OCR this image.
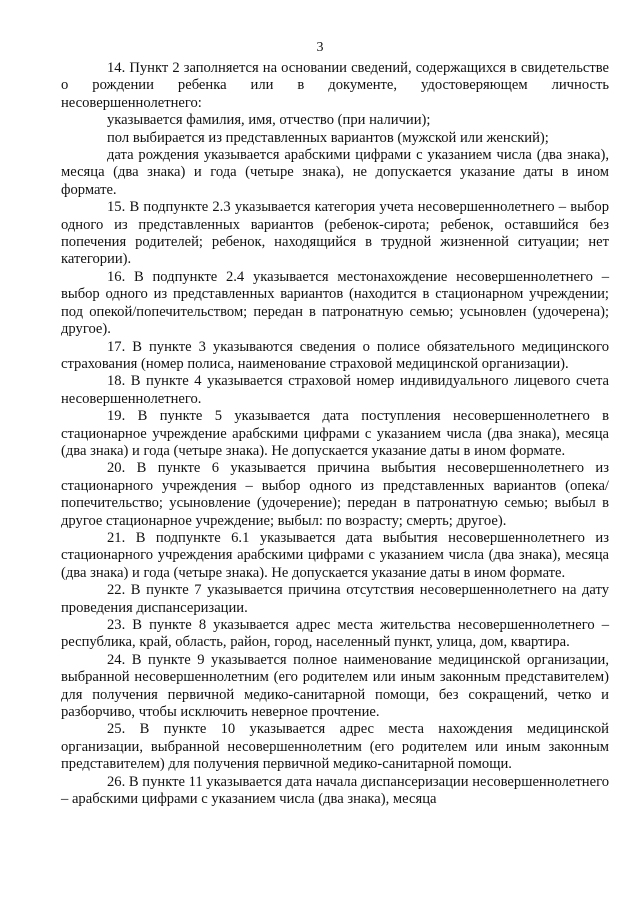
3

14. Пункт 2 заполняется на основании сведений, содержащихся в свидетельстве о рождении ребенка или в документе, удостоверяющем личность несовершеннолетнего:

указывается фамилия, имя, отчество (при наличии);

пол выбирается из представленных вариантов (мужской или женский);

дата рождения указывается арабскими цифрами с указанием числа (два знака), месяца (два знака) и года (четыре знака), не допускается указание даты в ином формате.

15. В подпункте 2.3 указывается категория учета несовершеннолетнего – выбор одного из представленных вариантов (ребенок-сирота; ребенок, оставшийся без попечения родителей; ребенок, находящийся в трудной жизненной ситуации; нет категории).

16. В подпункте 2.4 указывается местонахождение несовершеннолетнего – выбор одного из представленных вариантов (находится в стационарном учреждении; под опекой/попечительством; передан в патронатную семью; усыновлен (удочерена); другое).

17. В пункте 3 указываются сведения о полисе обязательного медицинского страхования (номер полиса, наименование страховой медицинской организации).

18. В пункте 4 указывается страховой номер индивидуального лицевого счета несовершеннолетнего.

19. В пункте 5 указывается дата поступления несовершеннолетнего в стационарное учреждение арабскими цифрами с указанием числа (два знака), месяца (два знака) и года (четыре знака). Не допускается указание даты в ином формате.

20. В пункте 6 указывается причина выбытия несовершеннолетнего из стационарного учреждения – выбор одного из представленных вариантов (опека/попечительство; усыновление (удочерение); передан в патронатную семью; выбыл в другое стационарное учреждение; выбыл: по возрасту; смерть; другое).

21. В подпункте 6.1 указывается дата выбытия несовершеннолетнего из стационарного учреждения арабскими цифрами с указанием числа (два знака), месяца (два знака) и года (четыре знака). Не допускается указание даты в ином формате.

22. В пункте 7 указывается причина отсутствия несовершеннолетнего на дату проведения диспансеризации.

23. В пункте 8 указывается адрес места жительства несовершеннолетнего – республика, край, область, район, город, населенный пункт, улица, дом, квартира.

24. В пункте 9 указывается полное наименование медицинской организации, выбранной несовершеннолетним (его родителем или иным законным представителем) для получения первичной медико-санитарной помощи, без сокращений, четко и разборчиво, чтобы исключить неверное прочтение.

25. В пункте 10 указывается адрес места нахождения медицинской организации, выбранной несовершеннолетним (его родителем или иным законным представителем) для получения первичной медико-санитарной помощи.

26. В пункте 11 указывается дата начала диспансеризации несовершеннолетнего – арабскими цифрами с указанием числа (два знака), месяца
